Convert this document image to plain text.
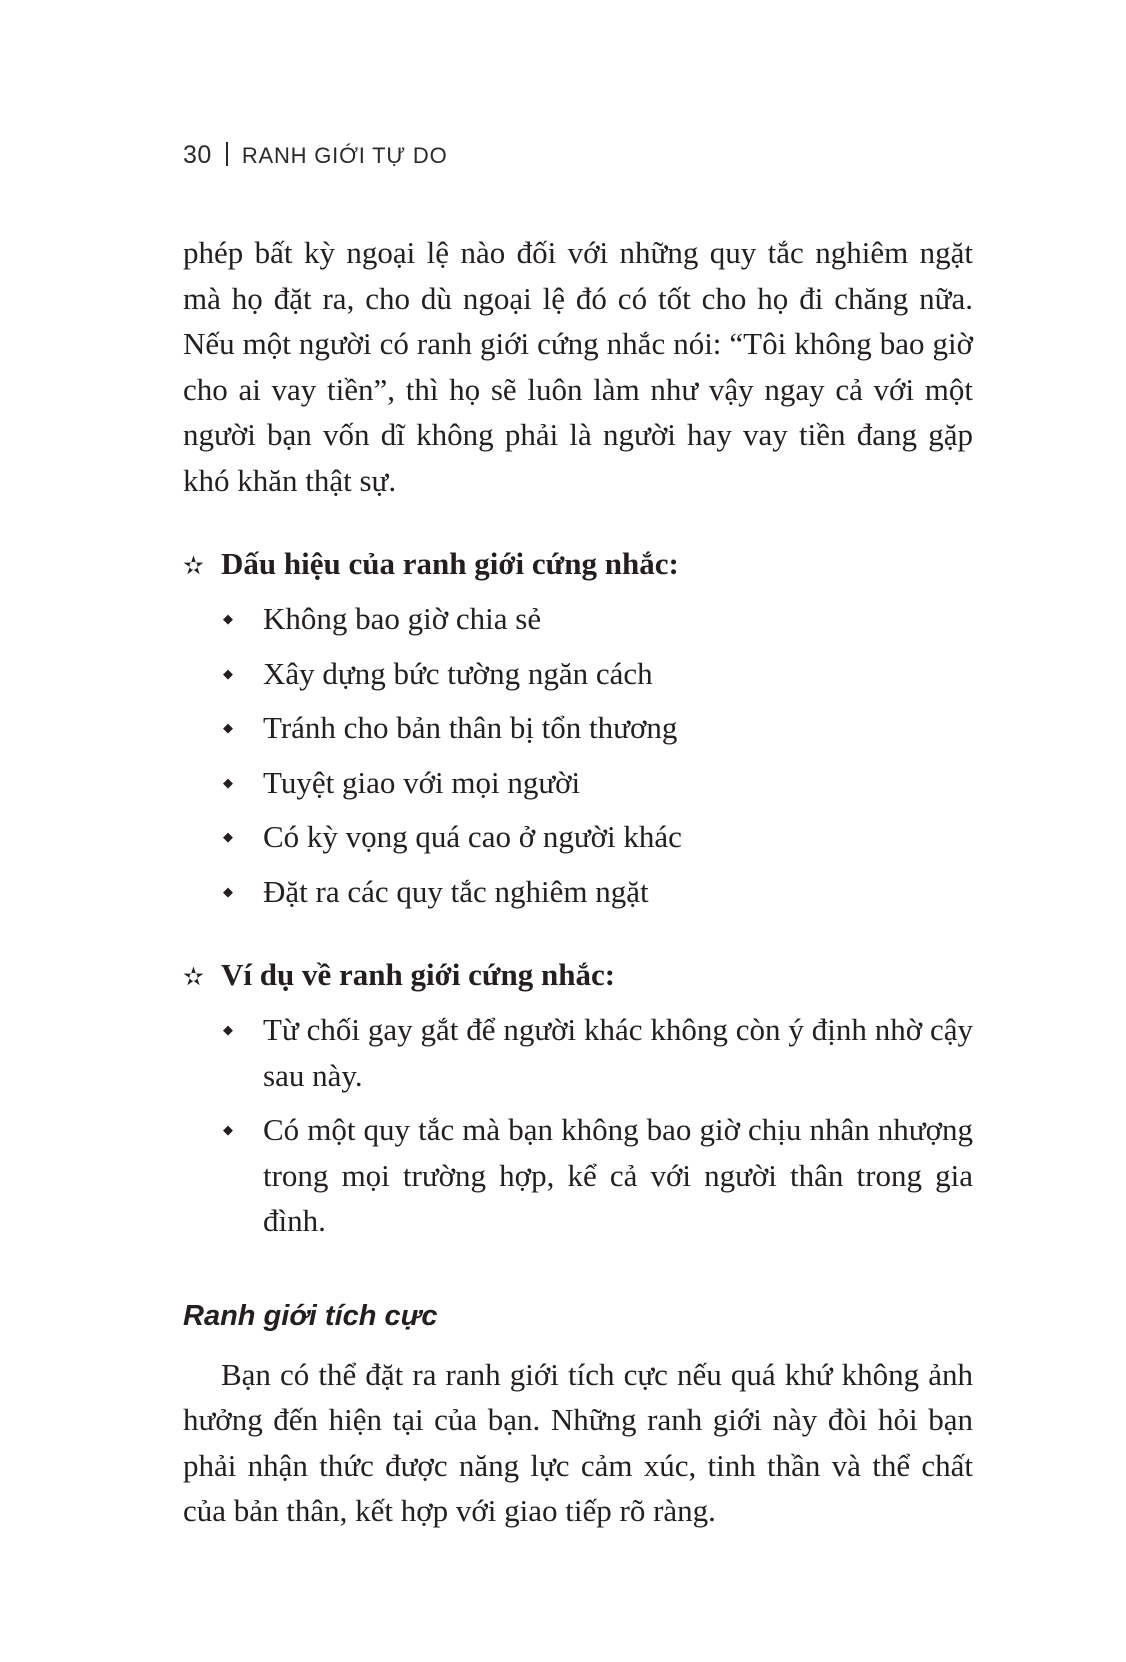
30 RANH GIỚI TỰ DO

phép bất kỳ ngoại lệ nào đối với những quy tắc nghiêm ngặt mà họ đặt ra, cho dù ngoại lệ đó có tốt cho họ đi chăng nữa. Nếu một người có ranh giới cứng nhắc nói: “Tôi không bao giờ cho ai vay tiền”, thì họ sẽ luôn làm như vậy ngay cả với một người bạn vốn dĩ không phải là người hay vay tiền đang gặp khó khăn thật sự.

✫ Dấu hiệu của ranh giới cứng nhắc:
◆ Không bao giờ chia sẻ
◆ Xây dựng bức tường ngăn cách
◆ Tránh cho bản thân bị tổn thương
◆ Tuyệt giao với mọi người
◆ Có kỳ vọng quá cao ở người khác
◆ Đặt ra các quy tắc nghiêm ngặt
✫ Ví dụ về ranh giới cứng nhắc:
◆ Từ chối gay gắt để người khác không còn ý định nhờ cậy sau này.
◆ Có một quy tắc mà bạn không bao giờ chịu nhân nhượng trong mọi trường hợp, kể cả với người thân trong gia đình.
Ranh giới tích cực

Bạn có thể đặt ra ranh giới tích cực nếu quá khứ không ảnh hưởng đến hiện tại của bạn. Những ranh giới này đòi hỏi bạn phải nhận thức được năng lực cảm xúc, tinh thần và thể chất của bản thân, kết hợp với giao tiếp rõ ràng.
